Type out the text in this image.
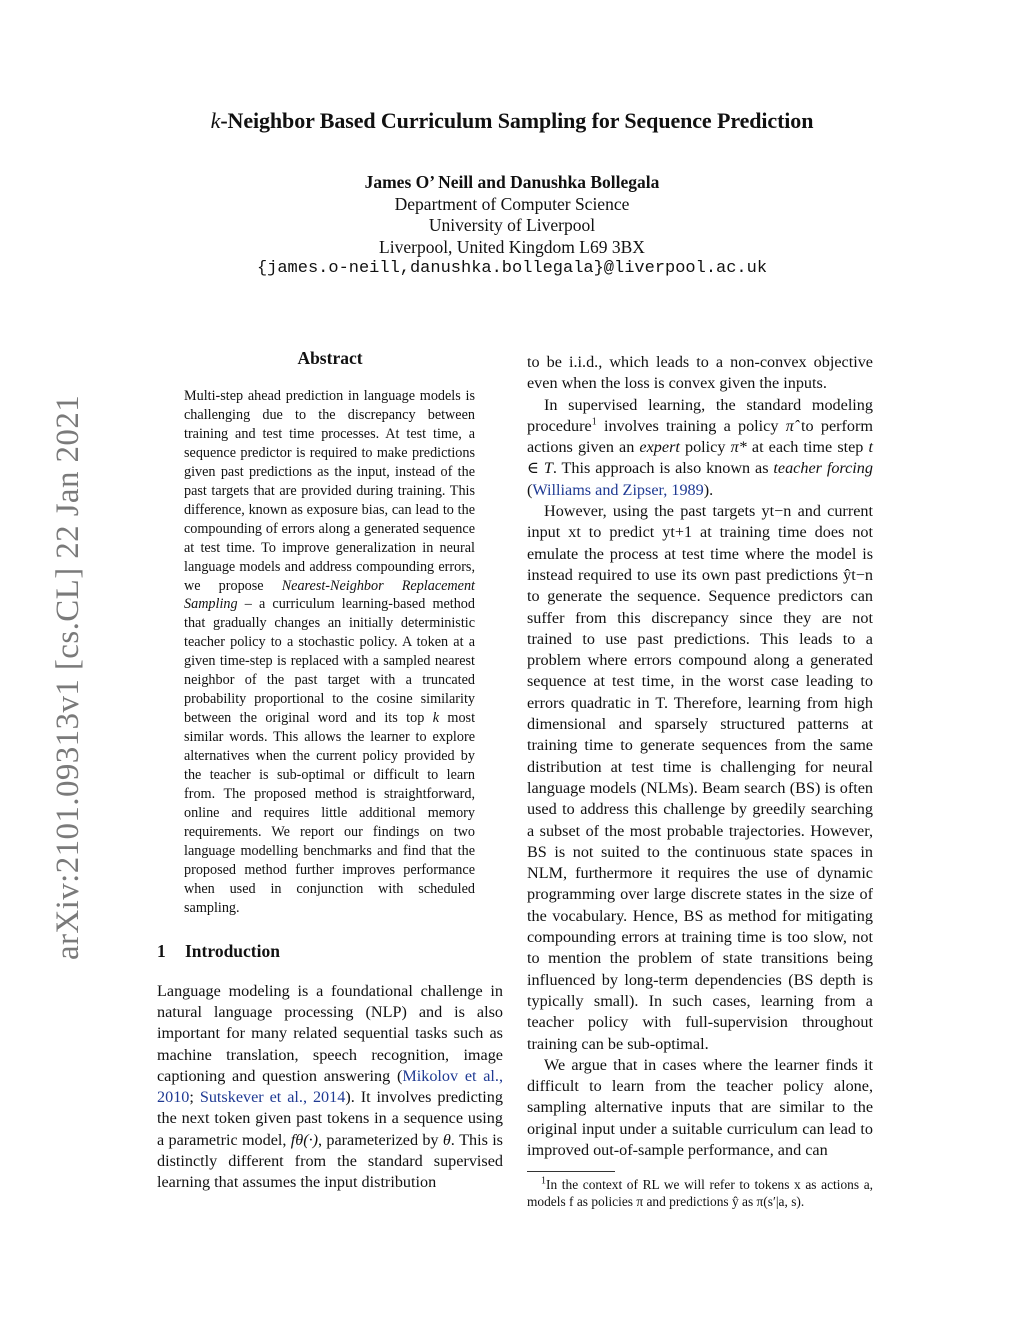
k-Neighbor Based Curriculum Sampling for Sequence Prediction
James O’ Neill and Danushka Bollegala
Department of Computer Science
University of Liverpool
Liverpool, United Kingdom L69 3BX
{james.o-neill,danushka.bollegala}@liverpool.ac.uk
arXiv:2101.09313v1 [cs.CL] 22 Jan 2021
Abstract
Multi-step ahead prediction in language models is challenging due to the discrepancy between training and test time processes. At test time, a sequence predictor is required to make predictions given past predictions as the input, instead of the past targets that are provided during training. This difference, known as exposure bias, can lead to the compounding of errors along a generated sequence at test time. To improve generalization in neural language models and address compounding errors, we propose Nearest-Neighbor Replacement Sampling – a curriculum learning-based method that gradually changes an initially deterministic teacher policy to a stochastic policy. A token at a given time-step is replaced with a sampled nearest neighbor of the past target with a truncated probability proportional to the cosine similarity between the original word and its top k most similar words. This allows the learner to explore alternatives when the current policy provided by the teacher is sub-optimal or difficult to learn from. The proposed method is straightforward, online and requires little additional memory requirements. We report our findings on two language modelling benchmarks and find that the proposed method further improves performance when used in conjunction with scheduled sampling.
1 Introduction

Language modeling is a foundational challenge in natural language processing (NLP) and is also important for many related sequential tasks such as machine translation, speech recognition, image captioning and question answering (Mikolov et al., 2010; Sutskever et al., 2014). It involves predicting the next token given past tokens in a sequence using a parametric model, fθ(·), parameterized by θ. This is distinctly different from the standard supervised learning that assumes the input distribution

to be i.i.d., which leads to a non-convex objective even when the loss is convex given the inputs.

In supervised learning, the standard modeling procedure$^1$ involves training a policy π̂ to perform actions given an expert policy π* at each time step t ∈ T. This approach is also known as teacher forcing (Williams and Zipser, 1989).

However, using the past targets yt−n and current input xt to predict yt+1 at training time does not emulate the process at test time where the model is instead required to use its own past predictions ŷt−n to generate the sequence. Sequence predictors can suffer from this discrepancy since they are not trained to use past predictions. This leads to a problem where errors compound along a generated sequence at test time, in the worst case leading to errors quadratic in T. Therefore, learning from high dimensional and sparsely structured patterns at training time to generate sequences from the same distribution at test time is challenging for neural language models (NLMs). Beam search (BS) is often used to address this challenge by greedily searching a subset of the most probable trajectories. However, BS is not suited to the continuous state spaces in NLM, furthermore it requires the use of dynamic programming over large discrete states in the size of the vocabulary. Hence, BS as method for mitigating compounding errors at training time is too slow, not to mention the problem of state transitions being influenced by long-term dependencies (BS depth is typically small). In such cases, learning from a teacher policy with full-supervision throughout training can be sub-optimal.

We argue that in cases where the learner finds it difficult to learn from the teacher policy alone, sampling alternative inputs that are similar to the original input under a suitable curriculum can lead to improved out-of-sample performance, and can

$^1$In the context of RL we will refer to tokens x as actions a, models f as policies π and predictions ŷ as π(s′|a, s).
